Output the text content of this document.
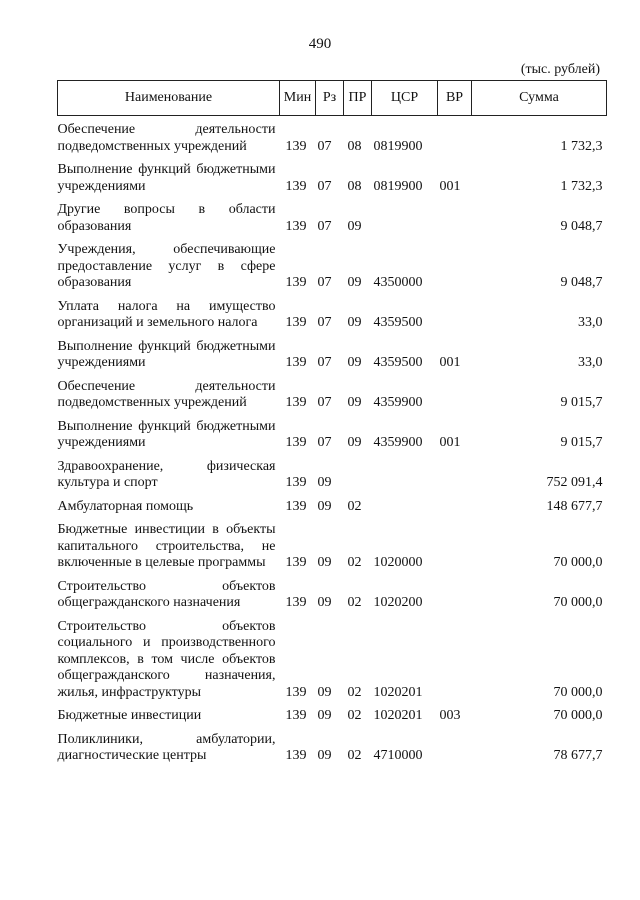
490
(тыс. рублей)
Наименование	Мин	Рз	ПР	ЦСР	ВР	Сумма
Обеспечение деятельности подведомственных учреждений	139	07	08	0819900		1 732,3
Выполнение функций бюджетными учреждениями	139	07	08	0819900	001	1 732,3
Другие вопросы в области образования	139	07	09			9 048,7
Учреждения, обеспечивающие предоставление услуг в сфере образования	139	07	09	4350000		9 048,7
Уплата налога на имущество организаций и земельного налога	139	07	09	4359500		33,0
Выполнение функций бюджетными учреждениями	139	07	09	4359500	001	33,0
Обеспечение деятельности подведомственных учреждений	139	07	09	4359900		9 015,7
Выполнение функций бюджетными учреждениями	139	07	09	4359900	001	9 015,7
Здравоохранение, физическая культура и спорт	139	09				752 091,4
Амбулаторная помощь	139	09	02			148 677,7
Бюджетные инвестиции в объекты капитального строительства, не включенные в целевые программы	139	09	02	1020000		70 000,0
Строительство объектов общегражданского назначения	139	09	02	1020200		70 000,0
Строительство объектов социального и производственного комплексов, в том числе объектов общегражданского назначения, жилья, инфраструктуры	139	09	02	1020201		70 000,0
Бюджетные инвестиции	139	09	02	1020201	003	70 000,0
Поликлиники, амбулатории, диагностические центры	139	09	02	4710000		78 677,7
